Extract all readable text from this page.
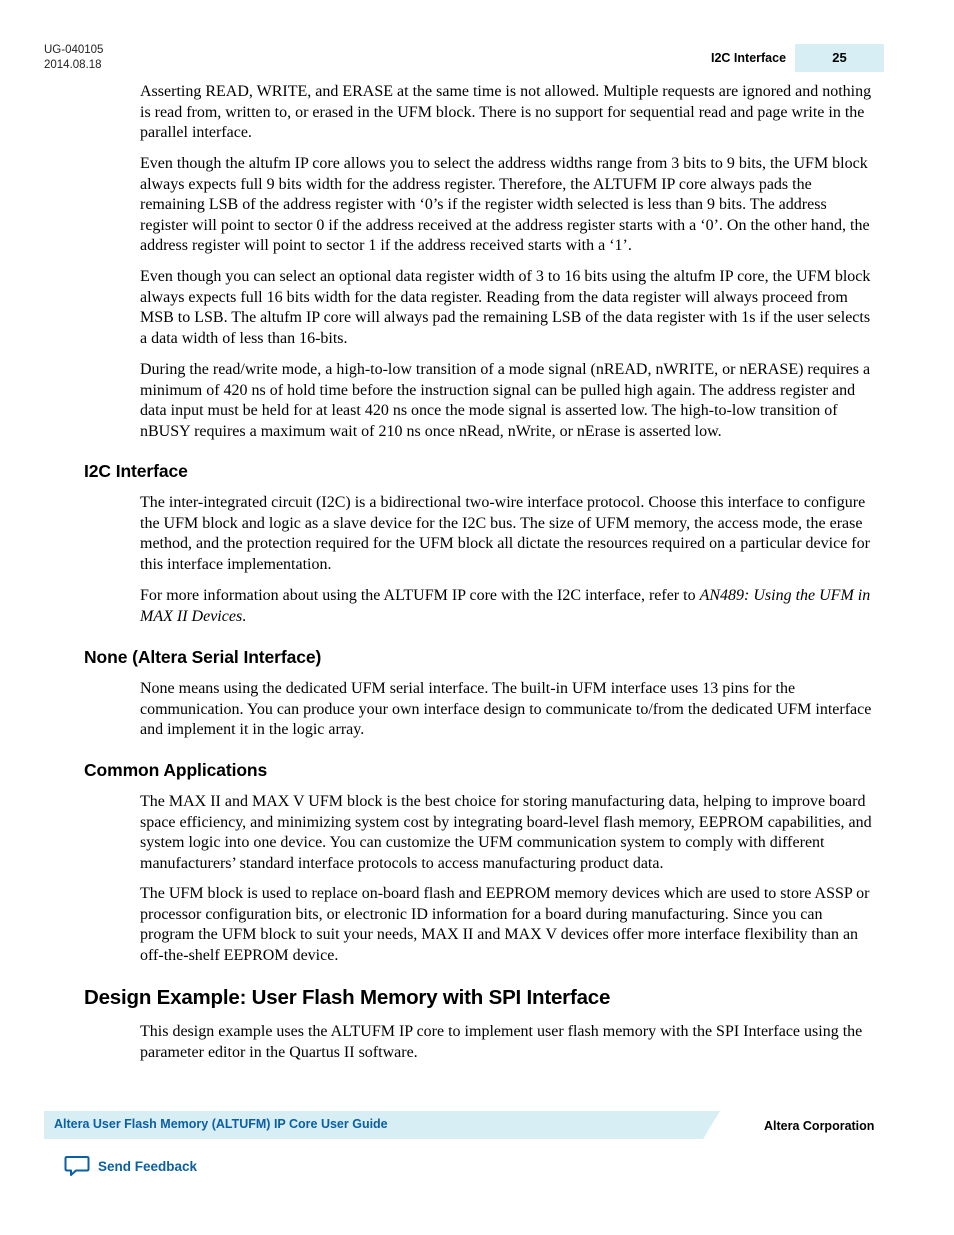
UG-040105
2014.08.18	I2C Interface	25

Asserting READ, WRITE, and ERASE at the same time is not allowed. Multiple requests are ignored and nothing is read from, written to, or erased in the UFM block. There is no support for sequential read and page write in the parallel interface.

Even though the altufm IP core allows you to select the address widths range from 3 bits to 9 bits, the UFM block always expects full 9 bits width for the address register. Therefore, the ALTUFM IP core always pads the remaining LSB of the address register with ‘0’s if the register width selected is less than 9 bits. The address register will point to sector 0 if the address received at the address register starts with a ‘0’. On the other hand, the address register will point to sector 1 if the address received starts with a ‘1’.

Even though you can select an optional data register width of 3 to 16 bits using the altufm IP core, the UFM block always expects full 16 bits width for the data register. Reading from the data register will always proceed from MSB to LSB. The altufm IP core will always pad the remaining LSB of the data register with 1s if the user selects a data width of less than 16-bits.

During the read/write mode, a high-to-low transition of a mode signal (nREAD, nWRITE, or nERASE) requires a minimum of 420 ns of hold time before the instruction signal can be pulled high again. The address register and data input must be held for at least 420 ns once the mode signal is asserted low. The high-to-low transition of nBUSY requires a maximum wait of 210 ns once nRead, nWrite, or nErase is asserted low.

I2C Interface

The inter-integrated circuit (I2C) is a bidirectional two-wire interface protocol. Choose this interface to configure the UFM block and logic as a slave device for the I2C bus. The size of UFM memory, the access mode, the erase method, and the protection required for the UFM block all dictate the resources required on a particular device for this interface implementation.

For more information about using the ALTUFM IP core with the I2C interface, refer to AN489: Using the UFM in MAX II Devices.

None (Altera Serial Interface)

None means using the dedicated UFM serial interface. The built-in UFM interface uses 13 pins for the communication. You can produce your own interface design to communicate to/from the dedicated UFM interface and implement it in the logic array.

Common Applications

The MAX II and MAX V UFM block is the best choice for storing manufacturing data, helping to improve board space efficiency, and minimizing system cost by integrating board-level flash memory, EEPROM capabilities, and system logic into one device. You can customize the UFM communication system to comply with different manufacturers’ standard interface protocols to access manufacturing product data.

The UFM block is used to replace on-board flash and EEPROM memory devices which are used to store ASSP or processor configuration bits, or electronic ID information for a board during manufacturing. Since you can program the UFM block to suit your needs, MAX II and MAX V devices offer more interface flexibility than an off-the-shelf EEPROM device.

Design Example: User Flash Memory with SPI Interface

This design example uses the ALTUFM IP core to implement user flash memory with the SPI Interface using the parameter editor in the Quartus II software.

Altera User Flash Memory (ALTUFM) IP Core User Guide	Altera Corporation
Send Feedback
